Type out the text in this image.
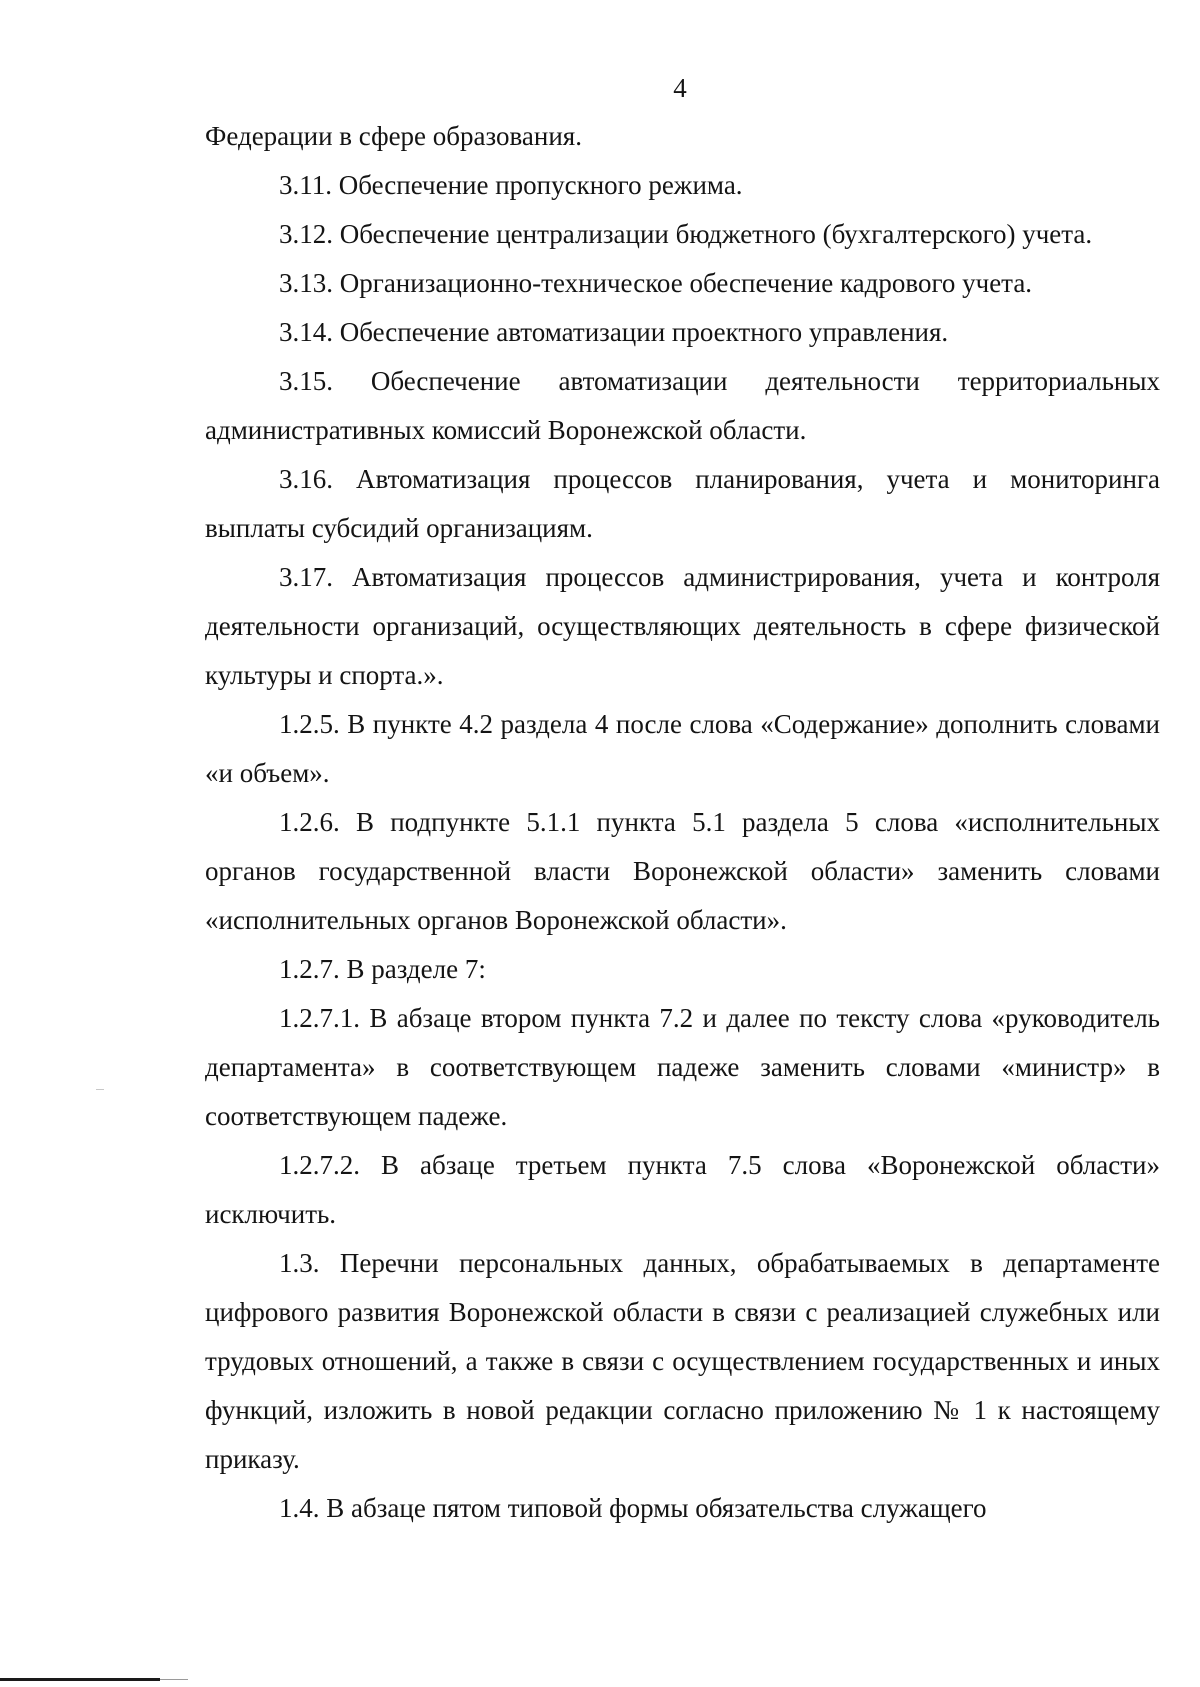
4

Федерации в сфере образования.

3.11. Обеспечение пропускного режима.

3.12. Обеспечение централизации бюджетного (бухгалтерского) учета.

3.13. Организационно-техническое обеспечение кадрового учета.

3.14. Обеспечение автоматизации проектного управления.

3.15. Обеспечение автоматизации деятельности территориальных административных комиссий Воронежской области.

3.16. Автоматизация процессов планирования, учета и мониторинга выплаты субсидий организациям.

3.17. Автоматизация процессов администрирования, учета и контроля деятельности организаций, осуществляющих деятельность в сфере физической культуры и спорта.».

1.2.5. В пункте 4.2 раздела 4 после слова «Содержание» дополнить словами «и объем».

1.2.6. В подпункте 5.1.1 пункта 5.1 раздела 5 слова «исполнительных органов государственной власти Воронежской области» заменить словами «исполнительных органов Воронежской области».

1.2.7. В разделе 7:

1.2.7.1. В абзаце втором пункта 7.2 и далее по тексту слова «руководитель департамента» в соответствующем падеже заменить словами «министр» в соответствующем падеже.

1.2.7.2. В абзаце третьем пункта 7.5 слова «Воронежской области» исключить.

1.3. Перечни персональных данных, обрабатываемых в департаменте цифрового развития Воронежской области в связи с реализацией служебных или трудовых отношений, а также в связи с осуществлением государственных и иных функций, изложить в новой редакции согласно приложению № 1 к настоящему приказу.

1.4. В абзаце пятом типовой формы обязательства служащего
